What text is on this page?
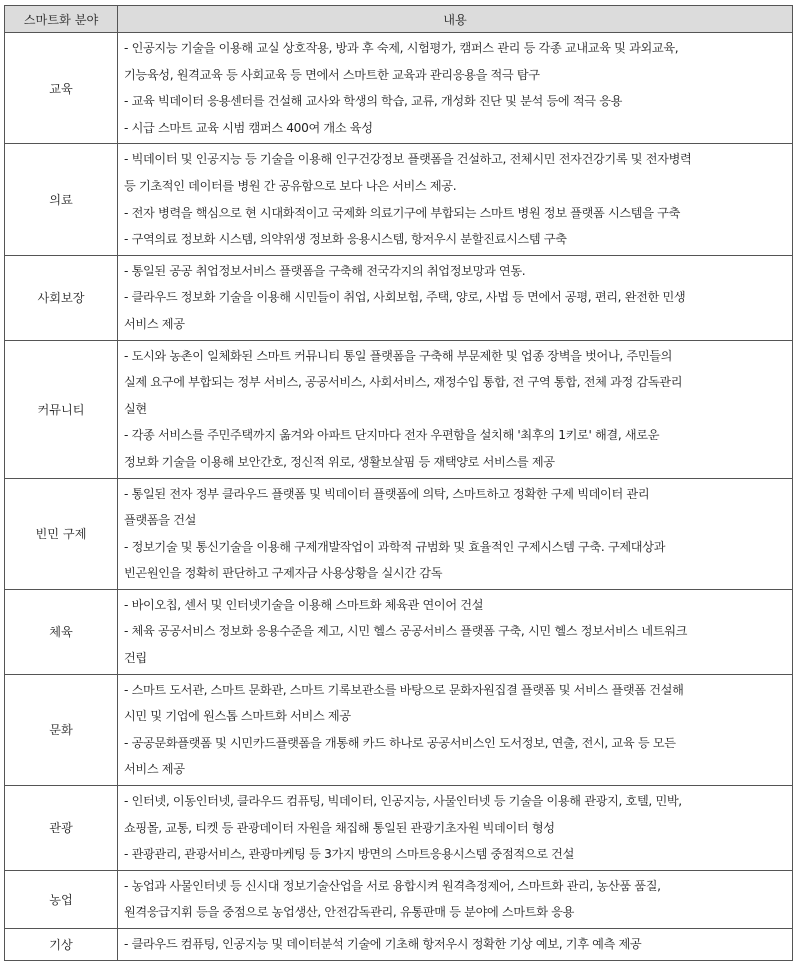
스마트화 분야	내용
교육	- 인공지능 기술을 이용해 교실 상호작용, 방과 후 숙제, 시험평가, 캠퍼스 관리 등 각종 교내교육 및 과외교육,
기능육성, 원격교육 등 사회교육 등 면에서 스마트한 교육과 관리응용을 적극 탐구
- 교육 빅데이터 응용센터를 건설해 교사와 학생의 학습, 교류, 개성화 진단 및 분석 등에 적극 응용
- 시급 스마트 교육 시범 캠퍼스 400여 개소 육성

의료	- 빅데이터 및 인공지능 등 기술을 이용해 인구건강정보 플랫폼을 건설하고, 전체시민 전자건강기록 및 전자병력
등 기초적인 데이터를 병원 간 공유함으로 보다 나은 서비스 제공.
- 전자 병력을 핵심으로 현 시대화적이고 국제화 의료기구에 부합되는 스마트 병원 정보 플랫폼 시스템을 구축
- 구역의료 정보화 시스템, 의약위생 정보화 응용시스템, 항저우시 분할진료시스템 구축

사회보장	- 통일된 공공 취업정보서비스 플랫폼을 구축해 전국각지의 취업정보망과 연동.
- 클라우드 정보화 기술을 이용해 시민들이 취업, 사회보험, 주택, 양로, 사법 등 면에서 공평, 편리, 완전한 민생
서비스 제공

커뮤니티	- 도시와 농촌이 일체화된 스마트 커뮤니티 통일 플랫폼을 구축해 부문제한 및 업종 장벽을 벗어나, 주민들의
실제 요구에 부합되는 정부 서비스, 공공서비스, 사회서비스, 재정수입 통합, 전 구역 통합, 전체 과정 감독관리
실현
- 각종 서비스를 주민주택까지 옮겨와 아파트 단지마다 전자 우편함을 설치해 '최후의 1키로' 해결, 새로운
정보화 기술을 이용해 보안간호, 정신적 위로, 생활보살핌 등 재택양로 서비스를 제공

빈민 구제	- 통일된 전자 정부 클라우드 플랫폼 및 빅데이터 플랫폼에 의탁, 스마트하고 정확한 구제 빅데이터 관리
플랫폼을 건설
- 정보기술 및 통신기술을 이용해 구제개발작업이 과학적 규범화 및 효율적인 구제시스템 구축. 구제대상과
빈곤원인을 정확히 판단하고 구제자금 사용상황을 실시간 감독

체육	- 바이오칩, 센서 및 인터넷기술을 이용해 스마트화 체육관 연이어 건설
- 체육 공공서비스 정보화 응용수준을 제고, 시민 헬스 공공서비스 플랫폼 구축, 시민 헬스 정보서비스 네트워크
건립

문화	- 스마트 도서관, 스마트 문화관, 스마트 기록보관소를 바탕으로 문화자원집결 플랫폼 및 서비스 플랫폼 건설해
시민 및 기업에 원스톱 스마트화 서비스 제공
- 공공문화플랫폼 및 시민카드플랫폼을 개통해 카드 하나로 공공서비스인 도서정보, 연출, 전시, 교육 등 모든
서비스 제공

관광	- 인터넷, 이동인터넷, 클라우드 컴퓨팅, 빅데이터, 인공지능, 사물인터넷 등 기술을 이용해 관광지, 호텔, 민박,
쇼핑몰, 교통, 티켓 등 관광데이터 자원을 채집해 통일된 관광기초자원 빅데이터 형성
- 관광관리, 관광서비스, 관광마케팅 등 3가지 방면의 스마트응용시스템 중점적으로 건설

농업	- 농업과 사물인터넷 등 신시대 정보기술산업을 서로 융합시켜 원격측정제어, 스마트화 관리, 농산품 품질,
원격응급지휘 등을 중점으로 농업생산, 안전감독관리, 유통판매 등 분야에 스마트화 응용

기상	- 클라우드 컴퓨팅, 인공지능 및 데이터분석 기술에 기초해 항저우시 정확한 기상 예보, 기후 예측 제공
